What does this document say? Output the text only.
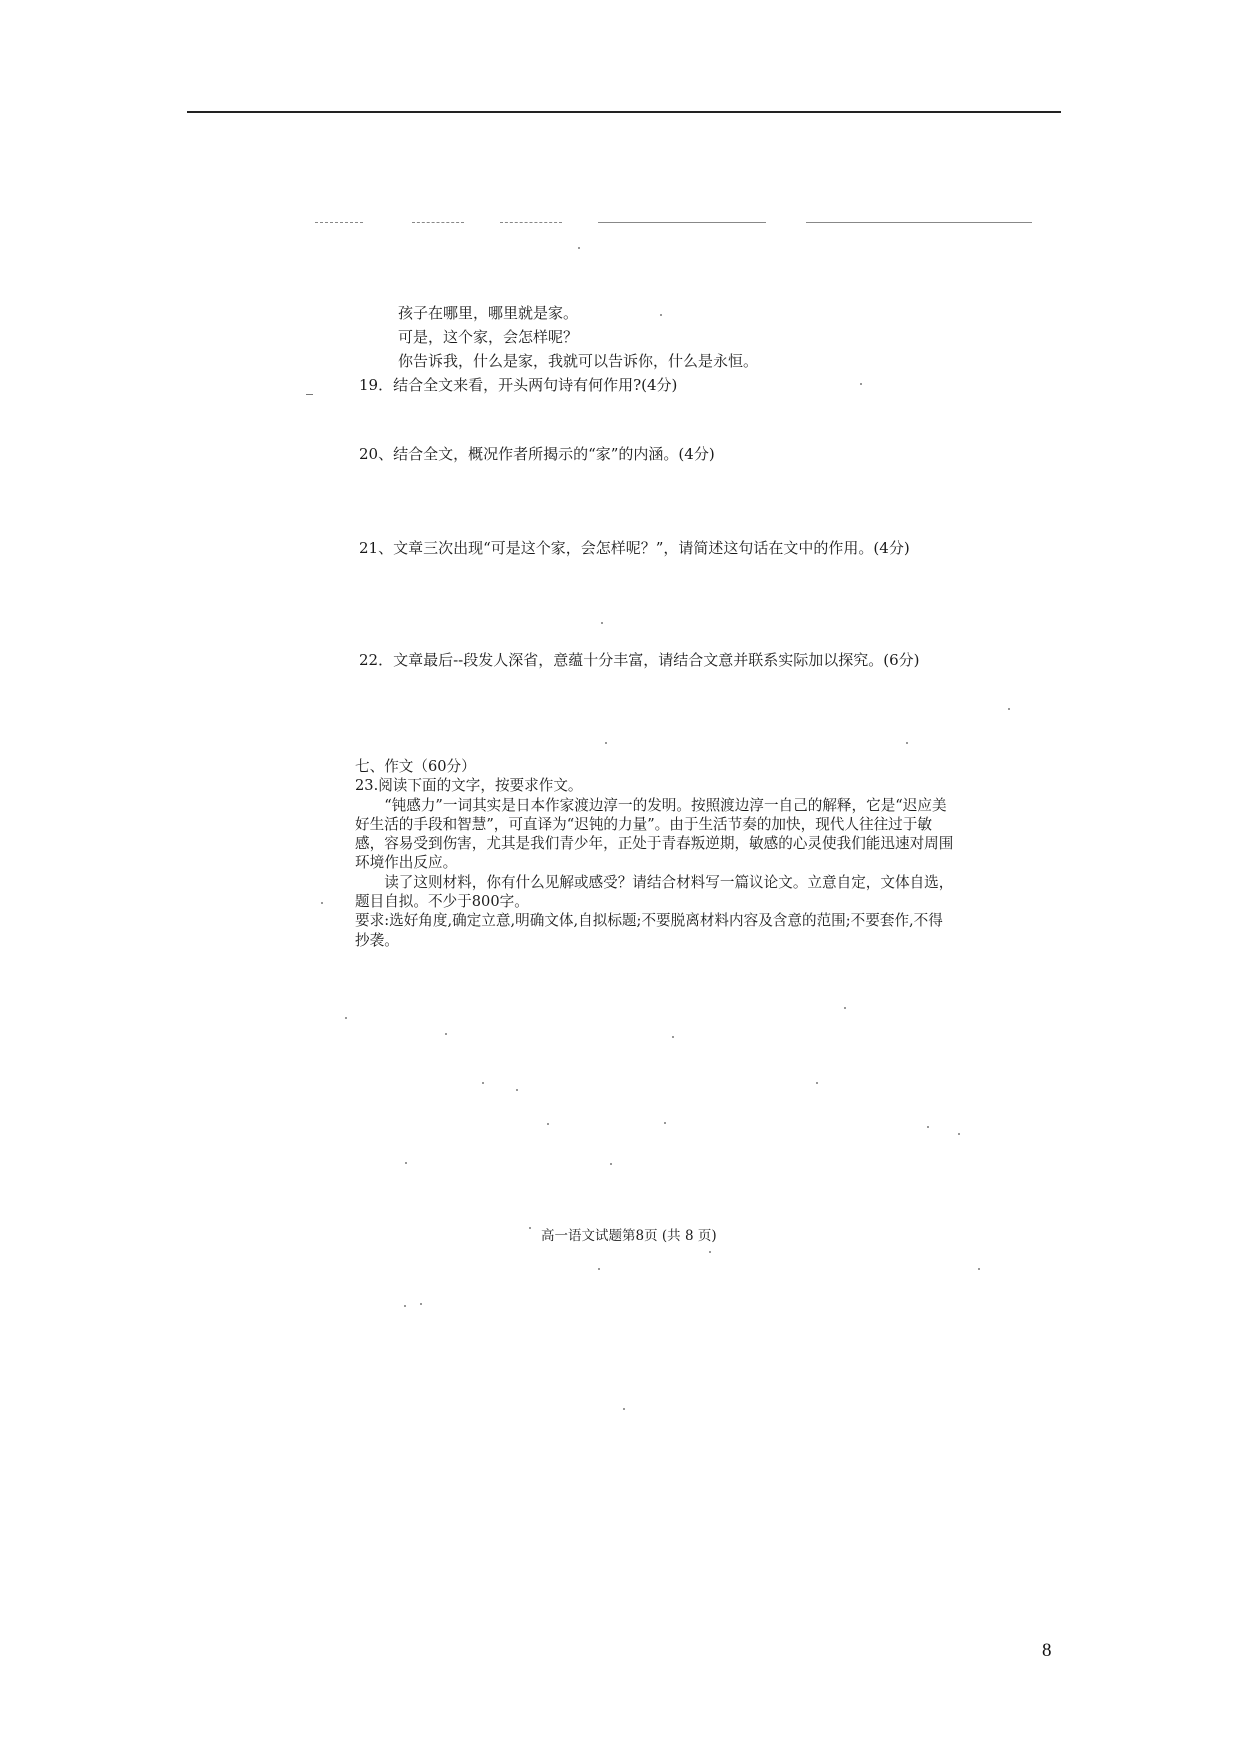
孩子在哪里，哪里就是家。
可是，这个家，会怎样呢？
你告诉我，什么是家，我就可以告诉你，什么是永恒。
19．结合全文来看，开头两句诗有何作用?(4分)
20、结合全文，概况作者所揭示的“家”的内涵。(4分)
21、文章三次出现“可是这个家，会怎样呢？”，请简述这句话在文中的作用。(4分)
22．文章最后--段发人深省，意蕴十分丰富，请结合文意并联系实际加以探究。(6分)

七、作文（60分）

23.阅读下面的文字，按要求作文。

“钝感力”一词其实是日本作家渡边淳一的发明。按照渡边淳一自己的解释，它是“迟应美好生活的手段和智慧”，可直译为“迟钝的力量”。由于生活节奏的加快，现代人往往过于敏感，容易受到伤害，尤其是我们青少年，正处于青春叛逆期，敏感的心灵使我们能迅速对周围环境作出反应。

读了这则材料，你有什么见解或感受？请结合材料写一篇议论文。立意自定，文体自选，题目自拟。不少于800字。

要求:选好角度,确定立意,明确文体,自拟标题;不要脱离材料内容及含意的范围;不要套作,不得抄袭。

高一语文试题第8页 (共 8 页)
8
